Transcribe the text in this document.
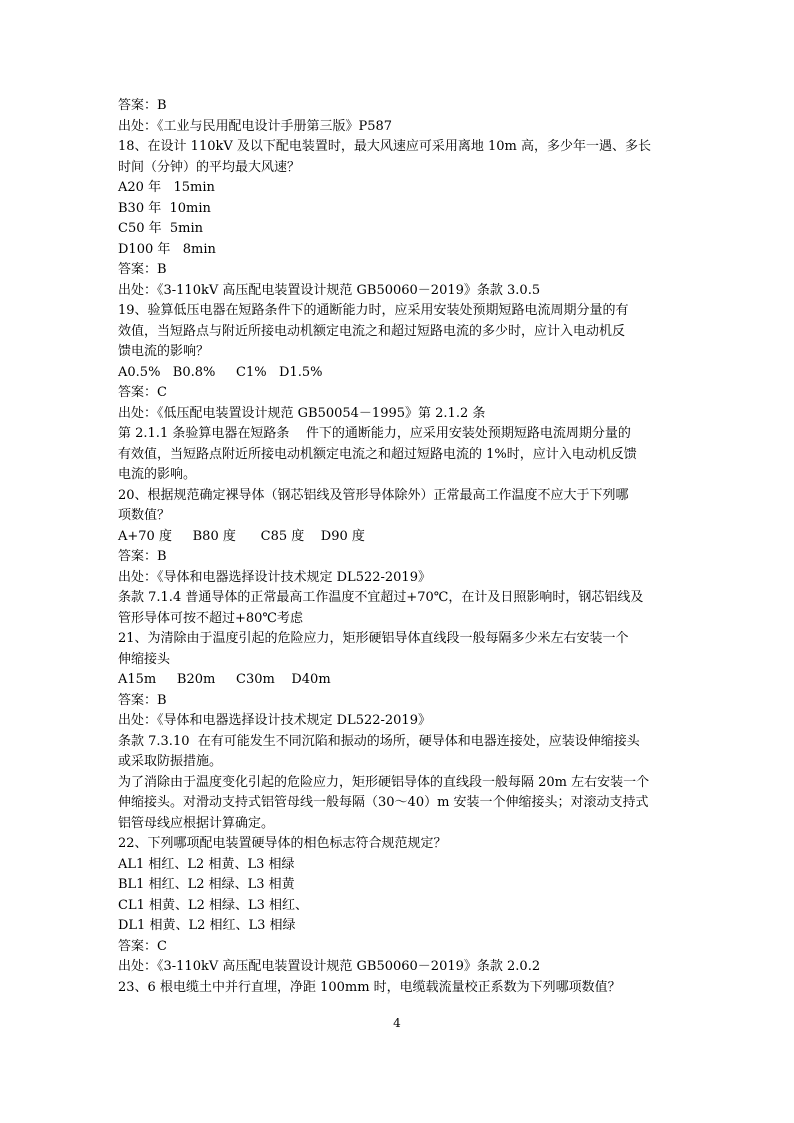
答案：B

出处：《工业与民用配电设计手册第三版》P587

18、在设计 110kV 及以下配电装置时，最大风速应可采用离地 10m 高，多少年一遇、多长

时间（分钟）的平均最大风速？

A20 年   15min

B30 年  10min

C50 年  5min

D100 年   8min

答案：B

出处：《3-110kV 高压配电装置设计规范 GB50060－2019》条款 3.0.5

19、验算低压电器在短路条件下的通断能力时，应采用安装处预期短路电流周期分量的有

效值，当短路点与附近所接电动机额定电流之和超过短路电流的多少时，应计入电动机反

馈电流的影响？

A0.5%   B0.8%     C1%   D1.5%

答案：C

出处：《低压配电装置设计规范 GB50054－1995》第 2.1.2 条

第 2.1.1 条验算电器在短路条    件下的通断能力，应采用安装处预期短路电流周期分量的

有效值，当短路点附近所接电动机额定电流之和超过短路电流的 1%时，应计入电动机反馈

电流的影响。

20、根据规范确定裸导体（钢芯铝线及管形导体除外）正常最高工作温度不应大于下列哪

项数值？

A+70 度     B80 度      C85 度    D90 度

答案：B

出处：《导体和电器选择设计技术规定 DL522-2019》

条款 7.1.4 普通导体的正常最高工作温度不宜超过+70℃，在计及日照影响时，钢芯铝线及

管形导体可按不超过+80℃考虑

21、为清除由于温度引起的危险应力，矩形硬铝导体直线段一般每隔多少米左右安装一个

伸缩接头

A15m     B20m     C30m    D40m

答案：B

出处：《导体和电器选择设计技术规定 DL522-2019》

条款 7.3.10  在有可能发生不同沉陷和振动的场所，硬导体和电器连接处，应装设伸缩接头

或采取防振措施。

为了消除由于温度变化引起的危险应力，矩形硬铝导体的直线段一般每隔 20m 左右安装一个

伸缩接头。对滑动支持式铝管母线一般每隔（30～40）m 安装一个伸缩接头；对滚动支持式

铝管母线应根据计算确定。

22、下列哪项配电装置硬导体的相色标志符合规范规定？

AL1 相红、L2 相黄、L3 相绿

BL1 相红、L2 相绿、L3 相黄

CL1 相黄、L2 相绿、L3 相红、

DL1 相黄、L2 相红、L3 相绿

答案：C

出处：《3-110kV 高压配电装置设计规范 GB50060－2019》条款 2.0.2

23、6 根电缆土中并行直埋，净距 100mm 时，电缆载流量校正系数为下列哪项数值？

4
